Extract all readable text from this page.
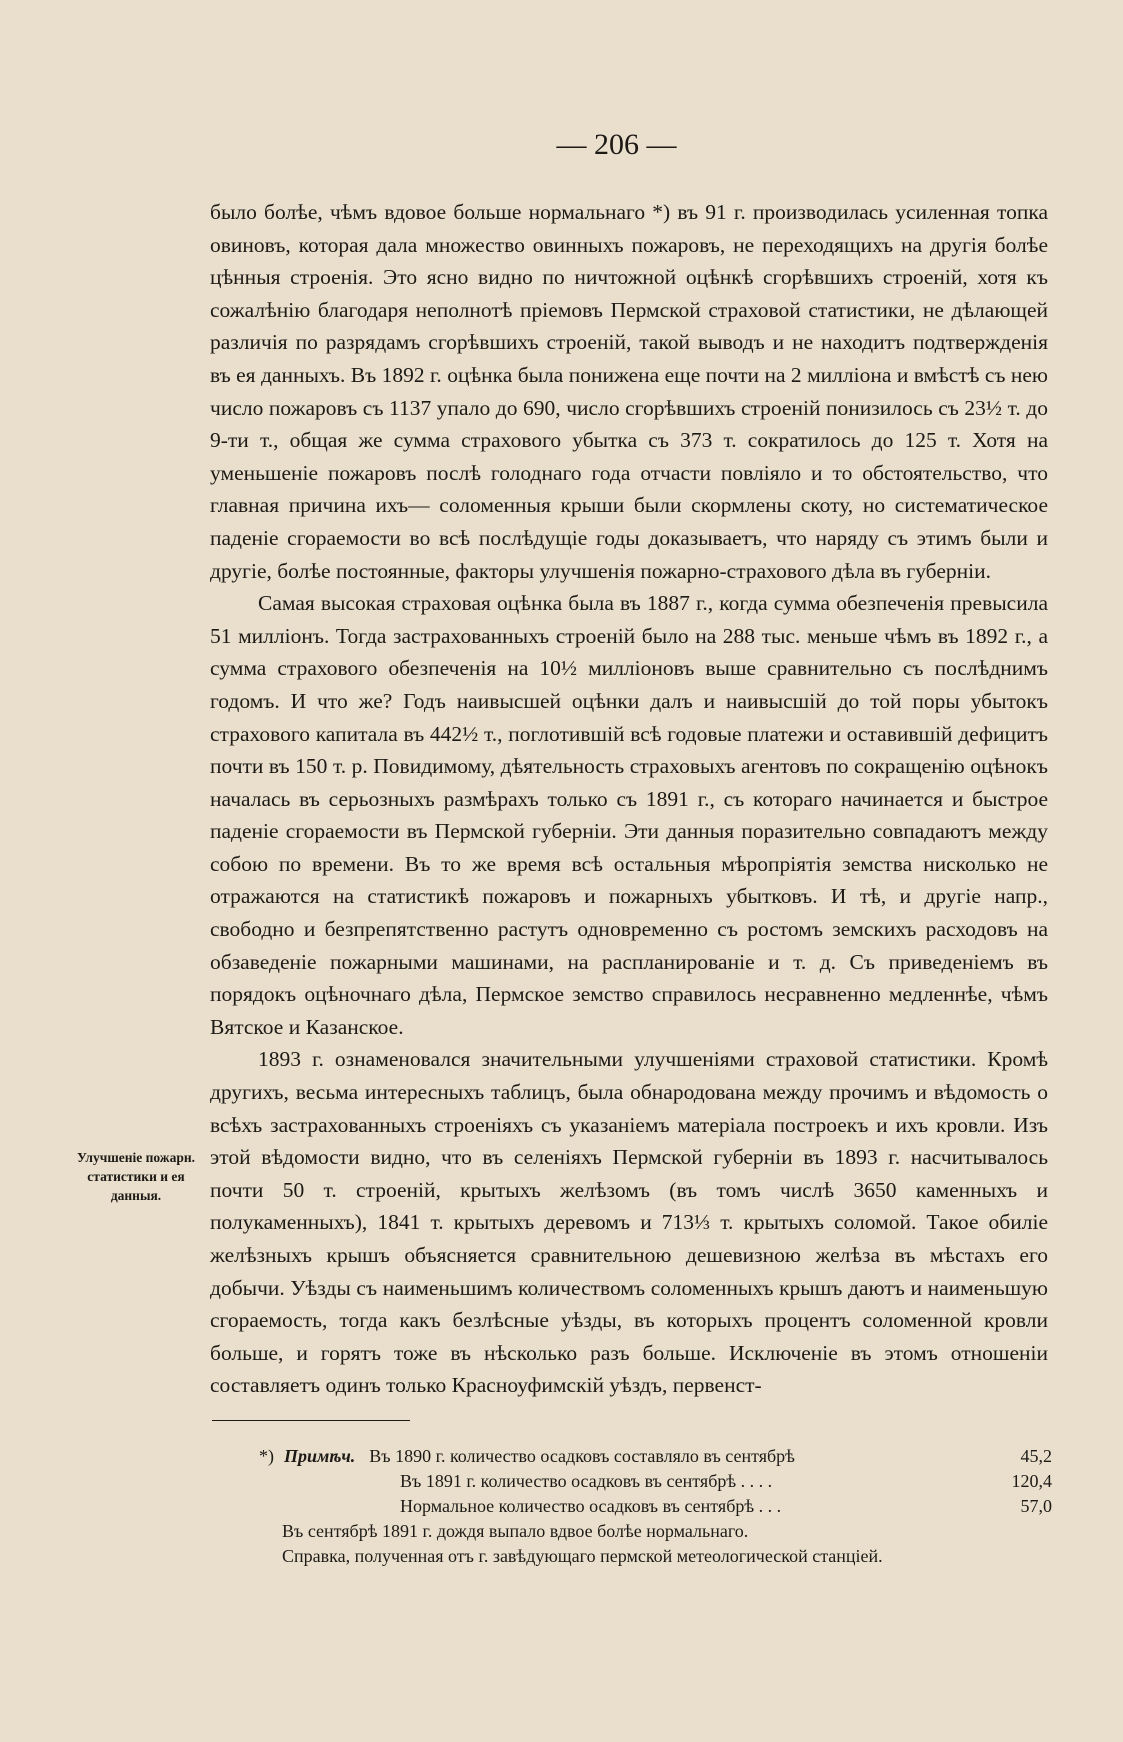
— 206 —

было болѣе, чѣмъ вдовое больше нормальнаго *) въ 91 г. производилась усиленная топка овиновъ, которая дала множество овинныхъ пожаровъ, не переходящихъ на другія болѣе цѣнныя строенія. Это ясно видно по ничтожной оцѣнкѣ сгорѣвшихъ строеній, хотя къ сожалѣнію благодаря неполнотѣ пріемовъ Пермской страховой статистики, не дѣлающей различія по разрядамъ сгорѣвшихъ строеній, такой выводъ и не находитъ подтвержденія въ ея данныхъ. Въ 1892 г. оцѣнка была понижена еще почти на 2 милліона и вмѣстѣ съ нею число пожаровъ съ 1137 упало до 690, число сгорѣвшихъ строеній понизилось съ 23½ т. до 9-ти т., общая же сумма страхового убытка съ 373 т. сократилось до 125 т. Хотя на уменьшеніе пожаровъ послѣ голоднаго года отчасти повліяло и то обстоятельство, что главная причина ихъ— соломенныя крыши были скормлены скоту, но систематическое паденіе сгораемости во всѣ послѣдущіе годы доказываетъ, что наряду съ этимъ были и другіе, болѣе постоянные, факторы улучшенія пожарно-страхового дѣла въ губерніи.

Самая высокая страховая оцѣнка была въ 1887 г., когда сумма обезпеченія превысила 51 милліонъ. Тогда застрахованныхъ строеній было на 288 тыс. меньше чѣмъ въ 1892 г., а сумма страхового обезпеченія на 10½ милліоновъ выше сравнительно съ послѣднимъ годомъ. И что же? Годъ наивысшей оцѣнки далъ и наивысшій до той поры убытокъ страхового капитала въ 442½ т., поглотившій всѣ годовые платежи и оставившій дефицитъ почти въ 150 т. р. Повидимому, дѣятельность страховыхъ агентовъ по сокращенію оцѣнокъ началась въ серьозныхъ размѣрахъ только съ 1891 г., съ котораго начинается и быстрое паденіе сгораемости въ Пермской губерніи. Эти данныя поразительно совпадаютъ между собою по времени. Въ то же время всѣ остальныя мѣропріятія земства нисколько не отражаются на статистикѣ пожаровъ и пожарныхъ убытковъ. И тѣ, и другіе напр., свободно и безпрепятственно растутъ одновременно съ ростомъ земскихъ расходовъ на обзаведеніе пожарными машинами, на распланированіе и т. д. Съ приведеніемъ въ порядокъ оцѣночнаго дѣла, Пермское земство справилось несравненно медленнѣе, чѣмъ Вятское и Казанское.

1893 г. ознаменовался значительными улучшеніями страховой статистики. Кромѣ другихъ, весьма интересныхъ таблицъ, была обнародована между прочимъ и вѣдомость о всѣхъ застрахованныхъ строеніяхъ съ указаніемъ матеріала построекъ и ихъ кровли. Изъ этой вѣдомости видно, что въ селеніяхъ Пермской губерніи въ 1893 г. насчитывалось почти 50 т. строеній, крытыхъ желѣзомъ (въ томъ числѣ 3650 каменныхъ и полукаменныхъ), 1841 т. крытыхъ деревомъ и 713⅓ т. крытыхъ соломой. Такое обиліе желѣзныхъ крышъ объясняется сравнительною дешевизною желѣза въ мѣстахъ его добычи. Уѣзды съ наименьшимъ количествомъ соломенныхъ крышъ даютъ и наименьшую сгораемость, тогда какъ безлѣсные уѣзды, въ которыхъ процентъ соломенной кровли больше, и горятъ тоже въ нѣсколько разъ больше. Исключеніе въ этомъ отношеніи составляетъ одинъ только Красноуфимскій уѣздъ, первенст-

Улучшеніе пожарн. статистики и ея данныя.
*) Примѣч. Въ 1890 г. количество осадковъ составляло въ сентябрѣ	45,2
Въ 1891 г. количество осадковъ въ сентябрѣ . . . .	120,4
Нормальное количество осадковъ въ сентябрѣ . . .	57,0
Въ сентябрѣ 1891 г. дождя выпало вдвое болѣе нормальнаго.
Справка, полученная отъ г. завѣдующаго пермской метеологической станціей.
